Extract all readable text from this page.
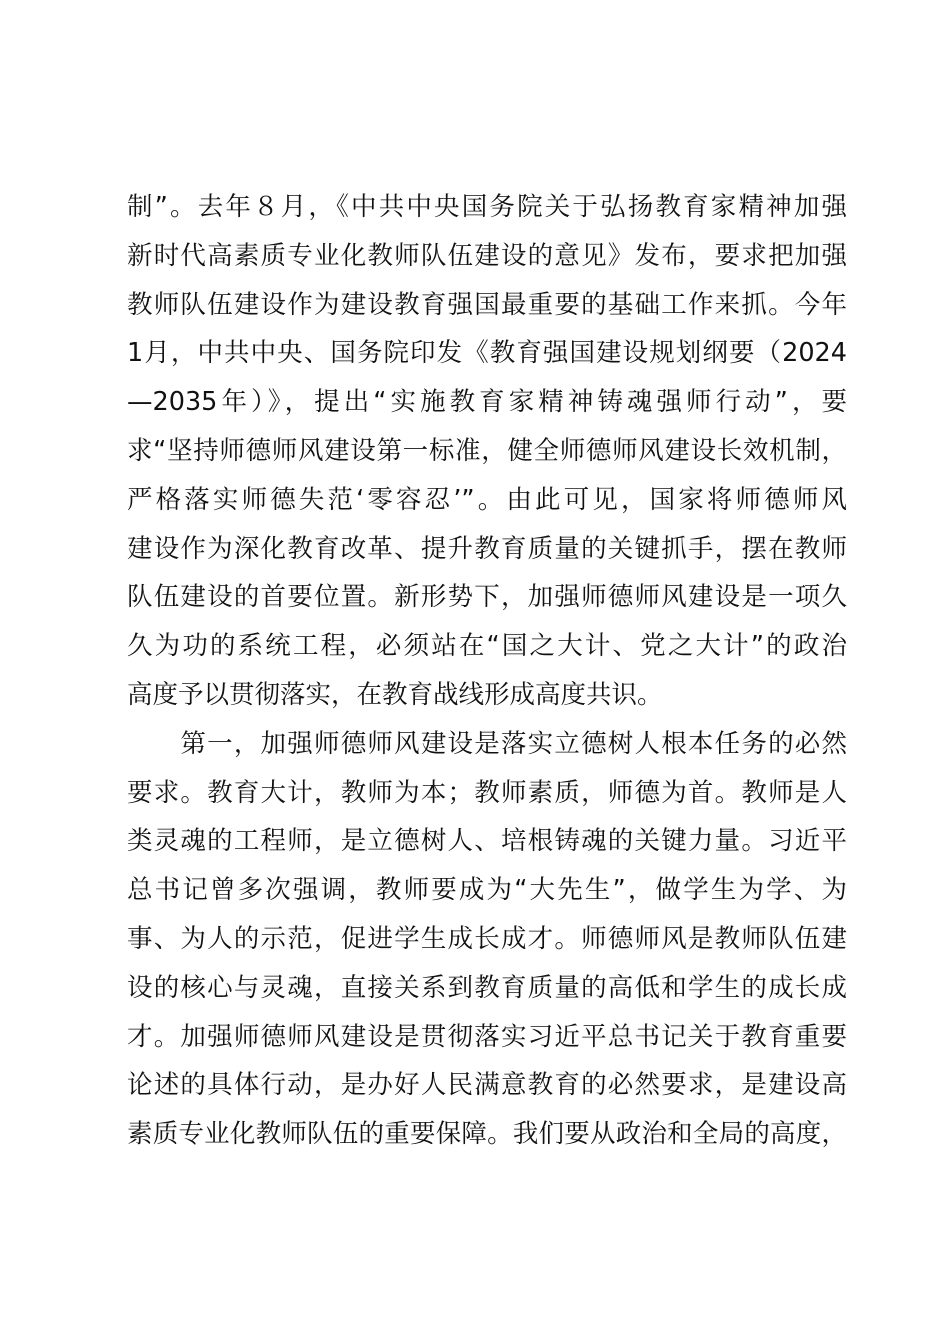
制”。去年８月，《中共中央国务院关于弘扬教育家精神加强
新时代高素质专业化教师队伍建设的意见》发布，要求把加强
教师队伍建设作为建设教育强国最重要的基础工作来抓。今年
1月，中共中央、国务院印发《教育强国建设规划纲要（2024
—2035年）》，提出“实施教育家精神铸魂强师行动”，要
求“坚持师德师风建设第一标准，健全师德师风建设长效机制，
严格落实师德失范‘零容忍’”。由此可见，国家将师德师风
建设作为深化教育改革、提升教育质量的关键抓手，摆在教师
队伍建设的首要位置。新形势下，加强师德师风建设是一项久
久为功的系统工程，必须站在“国之大计、党之大计”的政治
高度予以贯彻落实，在教育战线形成高度共识。
　　第一，加强师德师风建设是落实立德树人根本任务的必然
要求。教育大计，教师为本；教师素质，师德为首。教师是人
类灵魂的工程师，是立德树人、培根铸魂的关键力量。习近平
总书记曾多次强调，教师要成为“大先生”，做学生为学、为
事、为人的示范，促进学生成长成才。师德师风是教师队伍建
设的核心与灵魂，直接关系到教育质量的高低和学生的成长成
才。加强师德师风建设是贯彻落实习近平总书记关于教育重要
论述的具体行动，是办好人民满意教育的必然要求，是建设高
素质专业化教师队伍的重要保障。我们要从政治和全局的高度，
